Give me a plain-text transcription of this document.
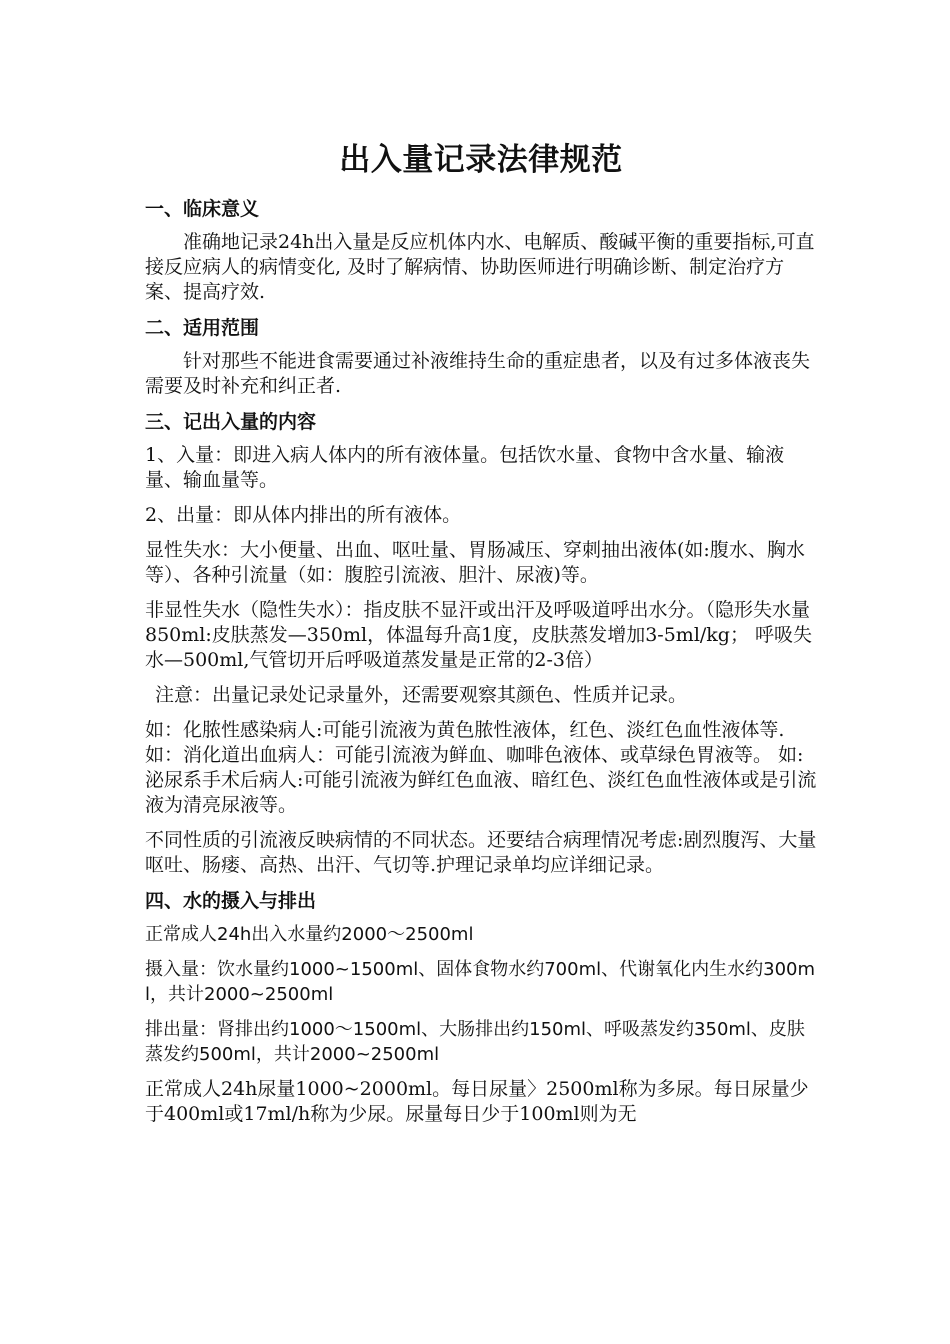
出入量记录法律规范
一、临床意义

准确地记录24h出入量是反应机体内水、电解质、酸碱平衡的重要指标,可直接反应病人的病情变化, 及时了解病情、协助医师进行明确诊断、制定治疗方案、提高疗效.

二、适用范围

针对那些不能进食需要通过补液维持生命的重症患者，以及有过多体液丧失需要及时补充和纠正者.

三、记出入量的内容

1、入量：即进入病人体内的所有液体量。包括饮水量、食物中含水量、输液量、输血量等。

2、出量：即从体内排出的所有液体。

显性失水：大小便量、出血、呕吐量、胃肠减压、穿刺抽出液体(如:腹水、胸水等）、各种引流量（如：腹腔引流液、胆汁、尿液)等。

非显性失水（隐性失水）：指皮肤不显汗或出汗及呼吸道呼出水分。（隐形失水量850ml:皮肤蒸发—350ml，体温每升高1度，皮肤蒸发增加3-5ml/kg； 呼吸失水—500ml,气管切开后呼吸道蒸发量是正常的2-3倍）

注意：出量记录处记录量外，还需要观察其颜色、性质并记录。

如：化脓性感染病人:可能引流液为黄色脓性液体，红色、淡红色血性液体等. 如：消化道出血病人：可能引流液为鲜血、咖啡色液体、或草绿色胃液等。 如:泌尿系手术后病人:可能引流液为鲜红色血液、暗红色、淡红色血性液体或是引流液为清亮尿液等。

不同性质的引流液反映病情的不同状态。还要结合病理情况考虑:剧烈腹泻、大量呕吐、肠瘘、高热、出汗、气切等.护理记录单均应详细记录。

四、水的摄入与排出

正常成人24h出入水量约2000～2500ml

摄入量：饮水量约1000~1500ml、固体食物水约700ml、代谢氧化内生水约300ml，共计2000~2500ml

排出量：肾排出约1000～1500ml、大肠排出约150ml、呼吸蒸发约350ml、皮肤蒸发约500ml，共计2000~2500ml

正常成人24h尿量1000~2000ml。每日尿量〉2500ml称为多尿。每日尿量少于400ml或17ml/h称为少尿。尿量每日少于100ml则为无
